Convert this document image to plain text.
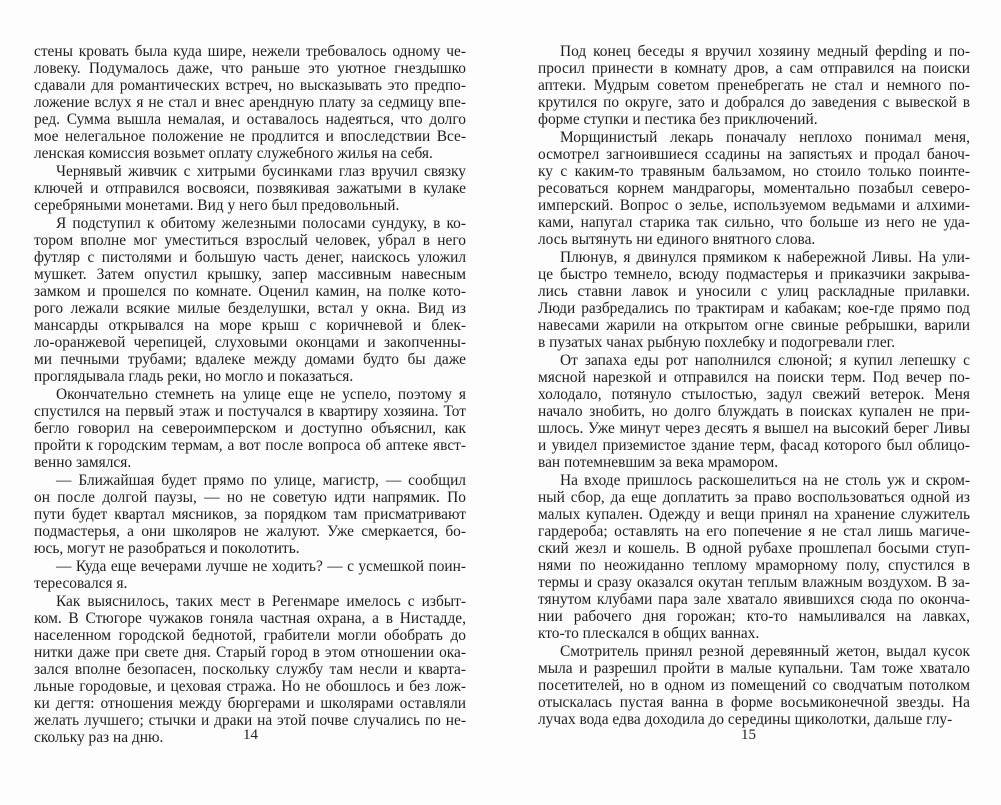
стены кровать была куда шире, нежели требовалось одному че-
ловеку. Подумалось даже, что раньше это уютное гнездышко
сдавали для романтических встреч, но высказывать это предпо-
ложение вслух я не стал и внес арендную плату за седмицу впе-
ред. Сумма вышла немалая, и оставалось надеяться, что долго
мое нелегальное положение не продлится и впоследствии Все-
ленская комиссия возьмет оплату служебного жилья на себя.
Чернявый живчик с хитрыми бусинками глаз вручил связку
ключей и отправился восвояси, позвякивая зажатыми в кулаке
серебряными монетами. Вид у него был предовольный.
Я подступил к обитому железными полосами сундуку, в ко-
тором вполне мог уместиться взрослый человек, убрал в него
футляр с пистолями и большую часть денег, наискось уложил
мушкет. Затем опустил крышку, запер массивным навесным
замком и прошелся по комнате. Оценил камин, на полке кото-
рого лежали всякие милые безделушки, встал у окна. Вид из
мансарды открывался на море крыш с коричневой и блек-
ло-оранжевой черепицей, слуховыми оконцами и закопченны-
ми печными трубами; вдалеке между домами будто бы даже
проглядывала гладь реки, но могло и показаться.
Окончательно стемнеть на улице еще не успело, поэтому я
спустился на первый этаж и постучался в квартиру хозяина. Тот
бегло говорил на североимперском и доступно объяснил, как
пройти к городским термам, а вот после вопроса об аптеке явст-
венно замялся.
— Ближайшая будет прямо по улице, магистр, — сообщил
он после долгой паузы, — но не советую идти напрямик. По
пути будет квартал мясников, за порядком там присматривают
подмастерья, а они школяров не жалуют. Уже смеркается, бо-
юсь, могут не разобраться и поколотить.
— Куда еще вечерами лучше не ходить? — с усмешкой поин-
тересовался я.
Как выяснилось, таких мест в Регенмаре имелось с избыт-
ком. В Стюгоре чужаков гоняла частная охрана, а в Нистадде,
населенном городской беднотой, грабители могли обобрать до
нитки даже при свете дня. Старый город в этом отношении ока-
зался вполне безопасен, поскольку службу там несли и кварта-
льные городовые, и цеховая стража. Но не обошлось и без лож-
ки дегтя: отношения между бюргерами и школярами оставляли
желать лучшего; стычки и драки на этой почве случались по не-
скольку раз на дню.
Под конец беседы я вручил хозяину медный ферding и по-
просил принести в комнату дров, а сам отправился на поиски
аптеки. Мудрым советом пренебрегать не стал и немного по-
крутился по округе, зато и добрался до заведения с вывеской в
форме ступки и пестика без приключений.
Морщинистый лекарь поначалу неплохо понимал меня,
осмотрел загноившиеся ссадины на запястьях и продал баноч-
ку с каким-то травяным бальзамом, но стоило только поинте-
ресоваться корнем мандрагоры, моментально позабыл северо-
имперский. Вопрос о зелье, используемом ведьмами и алхими-
ками, напугал старика так сильно, что больше из него не уда-
лось вытянуть ни единого внятного слова.
Плюнув, я двинулся прямиком к набережной Ливы. На ули-
це быстро темнело, всюду подмастерья и приказчики закрыва-
лись ставни лавок и уносили с улиц раскладные прилавки.
Люди разбредались по трактирам и кабакам; кое-где прямо под
навесами жарили на открытом огне свиные ребрышки, варили
в пузатых чанах рыбную похлебку и подогревали глег.
От запаха еды рот наполнился слюной; я купил лепешку с
мясной нарезкой и отправился на поиски терм. Под вечер по-
холодало, потянуло стылостью, задул свежий ветерок. Меня
начало знобить, но долго блуждать в поисках купален не при-
шлось. Уже минут через десять я вышел на высокий берег Ливы
и увидел приземистое здание терм, фасад которого был облицо-
ван потемневшим за века мрамором.
На входе пришлось раскошелиться на не столь уж и скром-
ный сбор, да еще доплатить за право воспользоваться одной из
малых купален. Одежду и вещи принял на хранение служитель
гардероба; оставлять на его попечение я не стал лишь магиче-
ский жезл и кошель. В одной рубахе прошлепал босыми ступ-
нями по неожиданно теплому мраморному полу, спустился в
термы и сразу оказался окутан теплым влажным воздухом. В за-
тянутом клубами пара зале хватало явившихся сюда по оконча-
нии рабочего дня горожан; кто-то намыливался на лавках,
кто-то плескался в общих ваннах.
Смотритель принял резной деревянный жетон, выдал кусок
мыла и разрешил пройти в малые купальни. Там тоже хватало
посетителей, но в одном из помещений со сводчатым потолком
отыскалась пустая ванна в форме восьмиконечной звезды. На
лучах вода едва доходила до середины щиколотки, дальше глу-
14	15
